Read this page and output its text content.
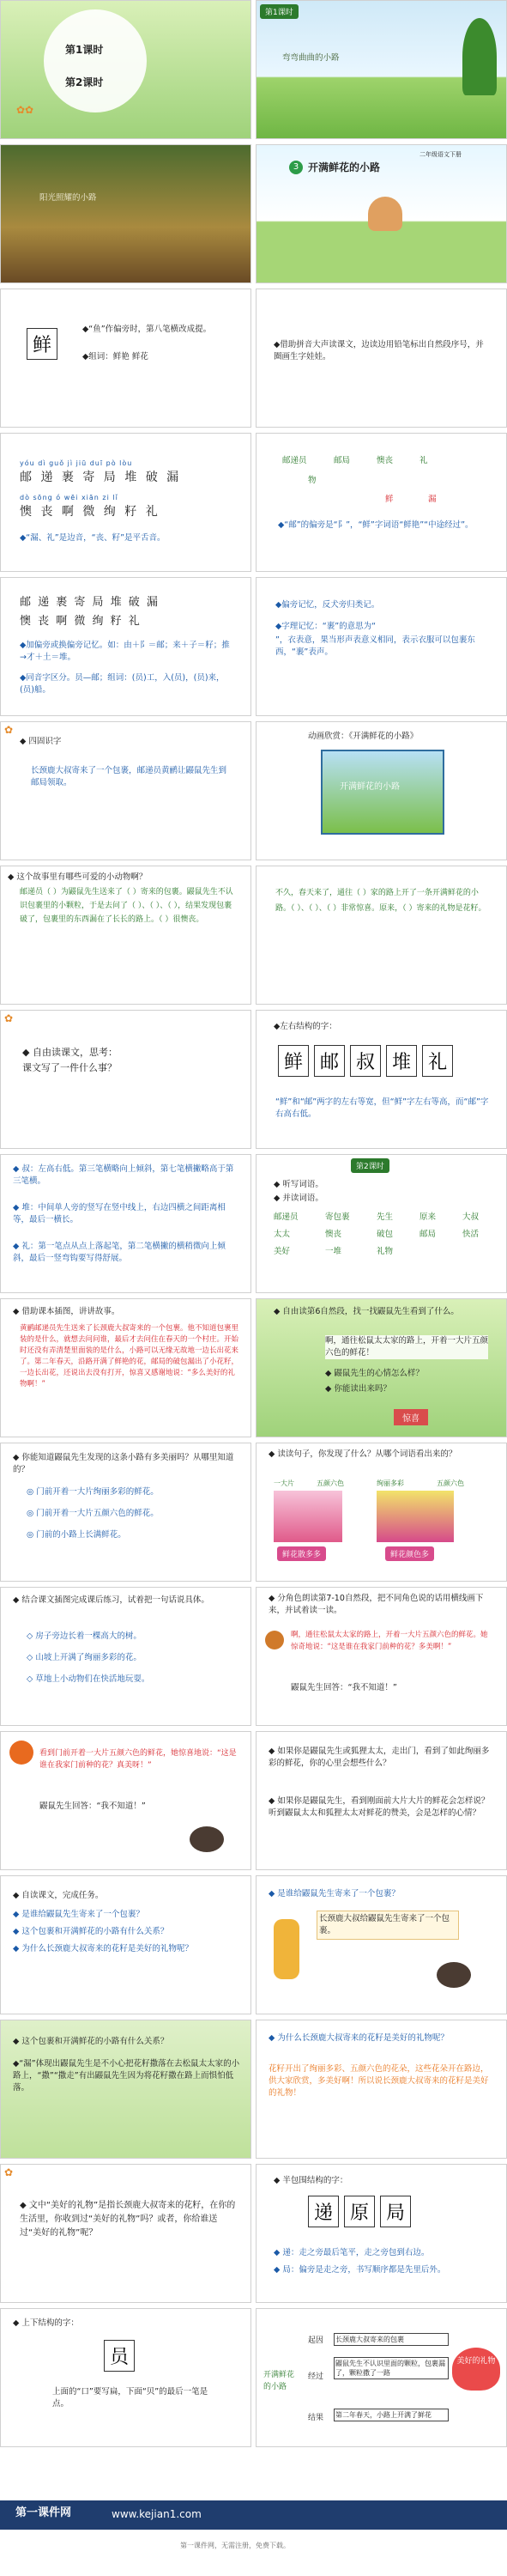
第1课时
第2课时
✿✿
第1课时
弯弯曲曲的小路
阳光照耀的小路
二年级语文下册
3 开满鲜花的小路
鲜
◆“鱼”作偏旁时，第八笔横改成提。
◆组词：鲜艳 鲜花
◆借助拼音大声读课文，边读边用铅笔标出自然段序号，并圈画生字娃娃。
yóu dì guǒ jì jiū duī pò lòu
邮 递 裹 寄 局 堆 破 漏
dò sōng ó wēi xiān zi lǐ
懊 丧 啊 微 绚 籽 礼
◆“漏、礼”是边音，“丧、籽”是平舌音。
邮递员	邮局	懊丧	礼
物
鲜	漏
◆“邮”的偏旁是“阝”，“鲜”字词语“鲜艳”“中途经过”。
邮 递 裹 寄 局 堆 破 漏
懊 丧 啊 微 绚 籽 礼
◆加偏旁或换偏旁记忆。如：由＋阝＝邮；来＋子＝籽；推→才＋土＝堆。
◆同音字区分。员—邮；组词：(员)工，入(员)，(员)来，(员)船。
◆偏旁记忆，反犬旁归类记。
◆字理记忆：“裹”的意思为“
”，衣表意，果当形声表意义相同，表示衣服可以包裹东西，“裹”表声。
✿
◆ 四固识字
长颈鹿大叔寄来了一个包裹，邮递员黄鹂让鼹鼠先生到邮局领取。
动画欣赏：《开满鲜花的小路》
开满鲜花的小路
◆ 这个故事里有哪些可爱的小动物啊？
邮递员（ ）为鼹鼠先生送来了（ ）寄来的包裹。鼹鼠先生不认识包裹里的小颗粒，于是去问了（ ）、（ ）、（ ），结果发现包裹破了，包裹里的东西漏在了长长的路上。（ ）很懊丧。
不久，春天来了，通往（ ）家的路上开了一条开满鲜花的小路。（ ）、（ ）、（ ）非常惊喜。原来，（ ）寄来的礼物是花籽。
✿
◆ 自由读课文，思考：课文写了一件什么事？
◆左右结构的字：
鲜 邮 叔 堆 礼
“鲜”和“邮”两字的左右等宽，但“鲜”字左右等高，而“邮”字右高右低。
◆ 叔：左高右低。第三笔横略向上倾斜，第七笔横撇略高于第三笔横。
◆ 堆：中间单人旁的竖写在竖中线上，右边四横之间距离相等，最后一横长。
◆ 礼：第一笔点从点上落起笔，第二笔横撇的横稍微向上倾斜，最后一竖弯钩要写得舒展。
第2课时
◆ 听写词语。
◆ 并读词语。
邮递员	寄包裹	先生	原来	大叔
太太	懊丧	破包	邮局	快活
美好	一堆	礼物
◆ 借助课本插图，讲讲故事。
黄鹂邮递员先生送来了长颈鹿大叔寄来的一个包裹。他不知道包裹里装的是什么，就想去问问谁，最后才去问住在春天的一个村庄。开始时还没有弄清楚里面装的是什么，小路可以无缘无故地一边长出花来了。第二年春天，沿路开满了鲜艳的花，邮局的破包漏出了小花籽，一边长出花，还说出去没有打开，惊喜又感谢地说：“多么美好的礼物啊！”
◆ 自由读第6自然段，找一找鼹鼠先生看到了什么。
啊，通往松鼠太太家的路上，开着一大片五颜六色的鲜花！
◆ 鼹鼠先生的心情怎么样？
◆ 你能读出来吗？
惊喜
◆ 你能知道鼹鼠先生发现的这条小路有多美丽吗？从哪里知道的？
◎ 门前开着一大片绚丽多彩的鲜花。
◎ 门前开着一大片五颜六色的鲜花。
◎ 门前的小路上长满鲜花。
◆ 读读句子，你发现了什么？从哪个词语看出来的？
一大片	五颜六色	绚丽多彩	五颜六色
鲜花散多多	鲜花颜色多
◆ 结合课文插图完成课后练习，试着把一句话说具体。
◇ 房子旁边长着一棵高大的树。
◇ 山坡上开满了绚丽多彩的花。
◇ 草地上小动物们在快活地玩耍。
◆ 分角色朗读第7-10自然段，把不同角色说的话用横线画下来，并试着读一读。
啊，通往松鼠太太家的路上，开着一大片五颜六色的鲜花。她惊奇地说：“这是谁在我家门前种的花？多美啊！”
鼹鼠先生回答：“我不知道！”
看到门前开着一大片五颜六色的鲜花，她惊喜地说：“这是谁在我家门前种的花？真美呀！”
鼹鼠先生回答：“我不知道！”
◆ 如果你是鼹鼠先生或狐狸太太，走出门，看到了如此绚丽多彩的鲜花，你的心里会想些什么？
◆ 如果你是鼹鼠先生，看到刚面前大片大片的鲜花会怎样说？听到鼹鼠太太和狐狸太太对鲜花的赞美，会是怎样的心情？
◆ 自读课文，完成任务。
◆ 是谁给鼹鼠先生寄来了一个包裹？
◆ 这个包裹和开满鲜花的小路有什么关系？
◆ 为什么长颈鹿大叔寄来的花籽是美好的礼物呢？
◆ 是谁给鼹鼠先生寄来了一个包裹？
长颈鹿大叔给鼹鼠先生寄来了一个包裹。
◆ 这个包裹和开满鲜花的小路有什么关系？
◆“漏”体现出鼹鼠先生是不小心把花籽撒落在去松鼠太太家的小路上，“撒”“撒走”有出鼹鼠先生因为将花籽撒在路上而惧怕低落。
◆ 为什么长颈鹿大叔寄来的花籽是美好的礼物呢？
花籽开出了绚丽多彩、五颜六色的花朵，这些花朵开在路边，供大家欣赏，多美好啊！所以说长颈鹿大叔寄来的花籽是美好的礼物！
✿
◆ 文中“美好的礼物”是指长颈鹿大叔寄来的花籽，在你的生活里，你收到过“美好的礼物”吗？或者，你给谁送过“美好的礼物”呢？
◆ 半包围结构的字：
递 原 局
◆ 递：走之旁最后笔平，走之旁包到右边。
◆ 局：偏旁是走之旁，书写顺序都是先里后外。
◆ 上下结构的字：
员
上面的“口”要写扁，下面“贝”的最后一笔是点。
开满鲜花的小路
起因
经过
结果
长颈鹿大叔寄来的包裹
鼹鼠先生不认识里面的颗粒，包裹漏了，颗粒撒了一路
第二年春天，小路上开满了鲜花
美好的礼物
第一课件网	www.kejian1.com
第一课件网，无需注册，免费下载。
